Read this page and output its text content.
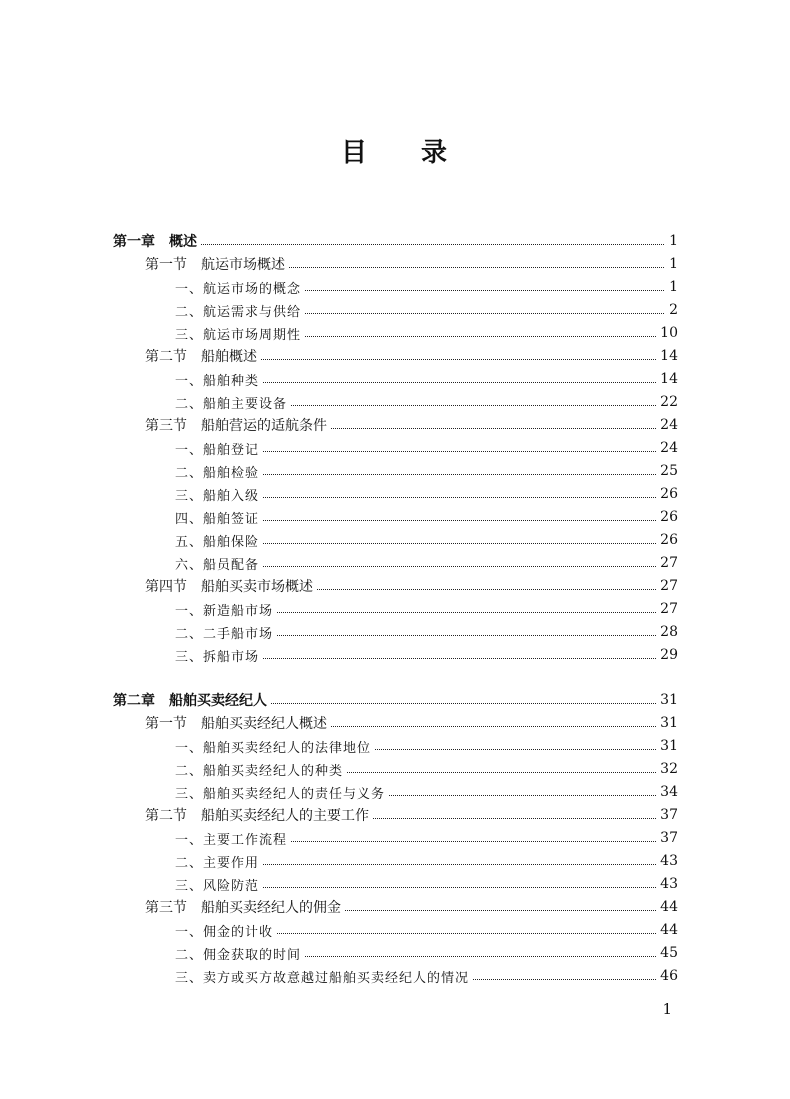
目 录
第一章 概述	1
第一节 航运市场概述	1
一、航运市场的概念	1
二、航运需求与供给	2
三、航运市场周期性	10
第二节 船舶概述	14
一、船舶种类	14
二、船舶主要设备	22
第三节 船舶营运的适航条件	24
一、船舶登记	24
二、船舶检验	25
三、船舶入级	26
四、船舶签证	26
五、船舶保险	26
六、船员配备	27
第四节 船舶买卖市场概述	27
一、新造船市场	27
二、二手船市场	28
三、拆船市场	29
第二章 船舶买卖经纪人	31
第一节 船舶买卖经纪人概述	31
一、船舶买卖经纪人的法律地位	31
二、船舶买卖经纪人的种类	32
三、船舶买卖经纪人的责任与义务	34
第二节 船舶买卖经纪人的主要工作	37
一、主要工作流程	37
二、主要作用	43
三、风险防范	43
第三节 船舶买卖经纪人的佣金	44
一、佣金的计收	44
二、佣金获取的时间	45
三、卖方或买方故意越过船舶买卖经纪人的情况	46
1
